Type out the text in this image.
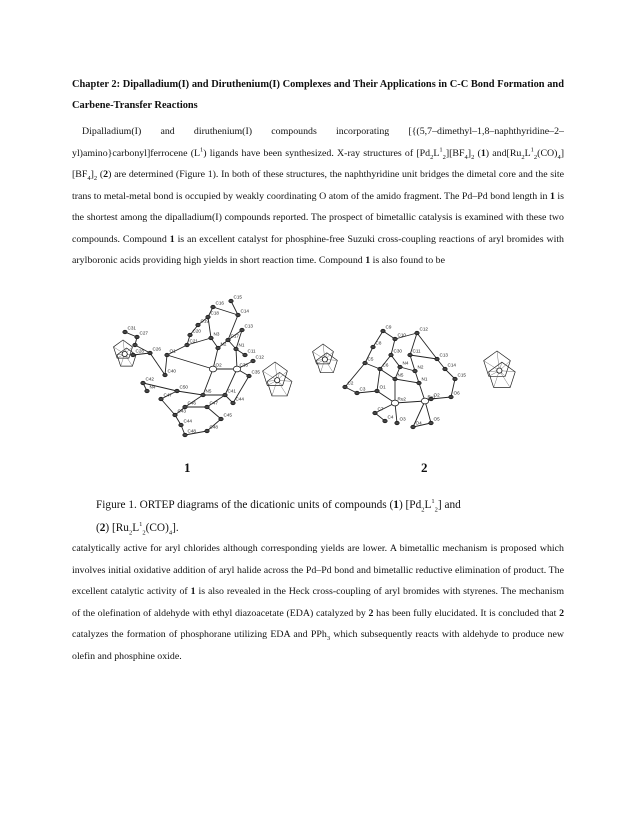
Chapter 2: Dipalladium(I) and Diruthenium(I) Complexes and Their Applications in C-C Bond Formation and Carbene-Transfer Reactions

Dipalladium(I) and diruthenium(I) compounds incorporating [{(5,7–dimethyl–1,8–naphthyridine–2–yl)amino}carbonyl]ferrocene $(L^1)$ ligands have been synthesized. X-ray structures of $[Pd_2L^1_2][BF_4]_2$ (1) $and[Ru_2L^1_2(CO)_4][BF_4]_2$ (2) are determined (Figure 1). In both of these structures, the naphthyridine unit bridges the dimetal core and the site trans to metal-metal bond is occupied by weakly coordinating O atom of the amido fragment. The Pd–Pd bond length in 1 is the shortest among the dipalladium(I) compounds reported. The prospect of bimetallic catalysis is examined with these two compounds. Compound 1 is an excellent catalyst for phosphine-free Suzuki cross-coupling reactions of aryl bromides with arylboronic acids providing high yields in short reaction time. Compound 1 is also found to be

C15
C16
C14
C18
C19
C13
C20
N3 C17
C21
N2	N1
C11
C12
C31
C27
C28 C26 O1
O2	C33
C40	C35
C42
N4	C50
N5	C41
C47
C46	C47
C44
C43
C44
C45
C48
C48
C9
C10
C12
C8
C30 C11
C5
C13
C6	N4
N2
N5
N1
C14
C15
C2
C3	O1
O2
Ru2	Ru1
O6
C7
C4 O3
O4
O5
1	2

Figure 1. ORTEP diagrams of the dicationic units of compounds (1) $[Pd_2L^1_2]$ and
(2) $[Ru_2L^1_2(CO)_4]$.

catalytically active for aryl chlorides although corresponding yields are lower. A bimetallic mechanism is proposed which involves initial oxidative addition of aryl halide across the Pd–Pd bond and bimetallic reductive elimination of product. The excellent catalytic activity of 1 is also revealed in the Heck cross-coupling of aryl bromides with styrenes. The mechanism of the olefination of aldehyde with ethyl diazoacetate (EDA) catalyzed by 2 has been fully elucidated. It is concluded that 2 catalyzes the formation of phosphorane utilizing EDA and PPh$_3$ which subsequently reacts with aldehyde to produce new olefin and phosphine oxide.
